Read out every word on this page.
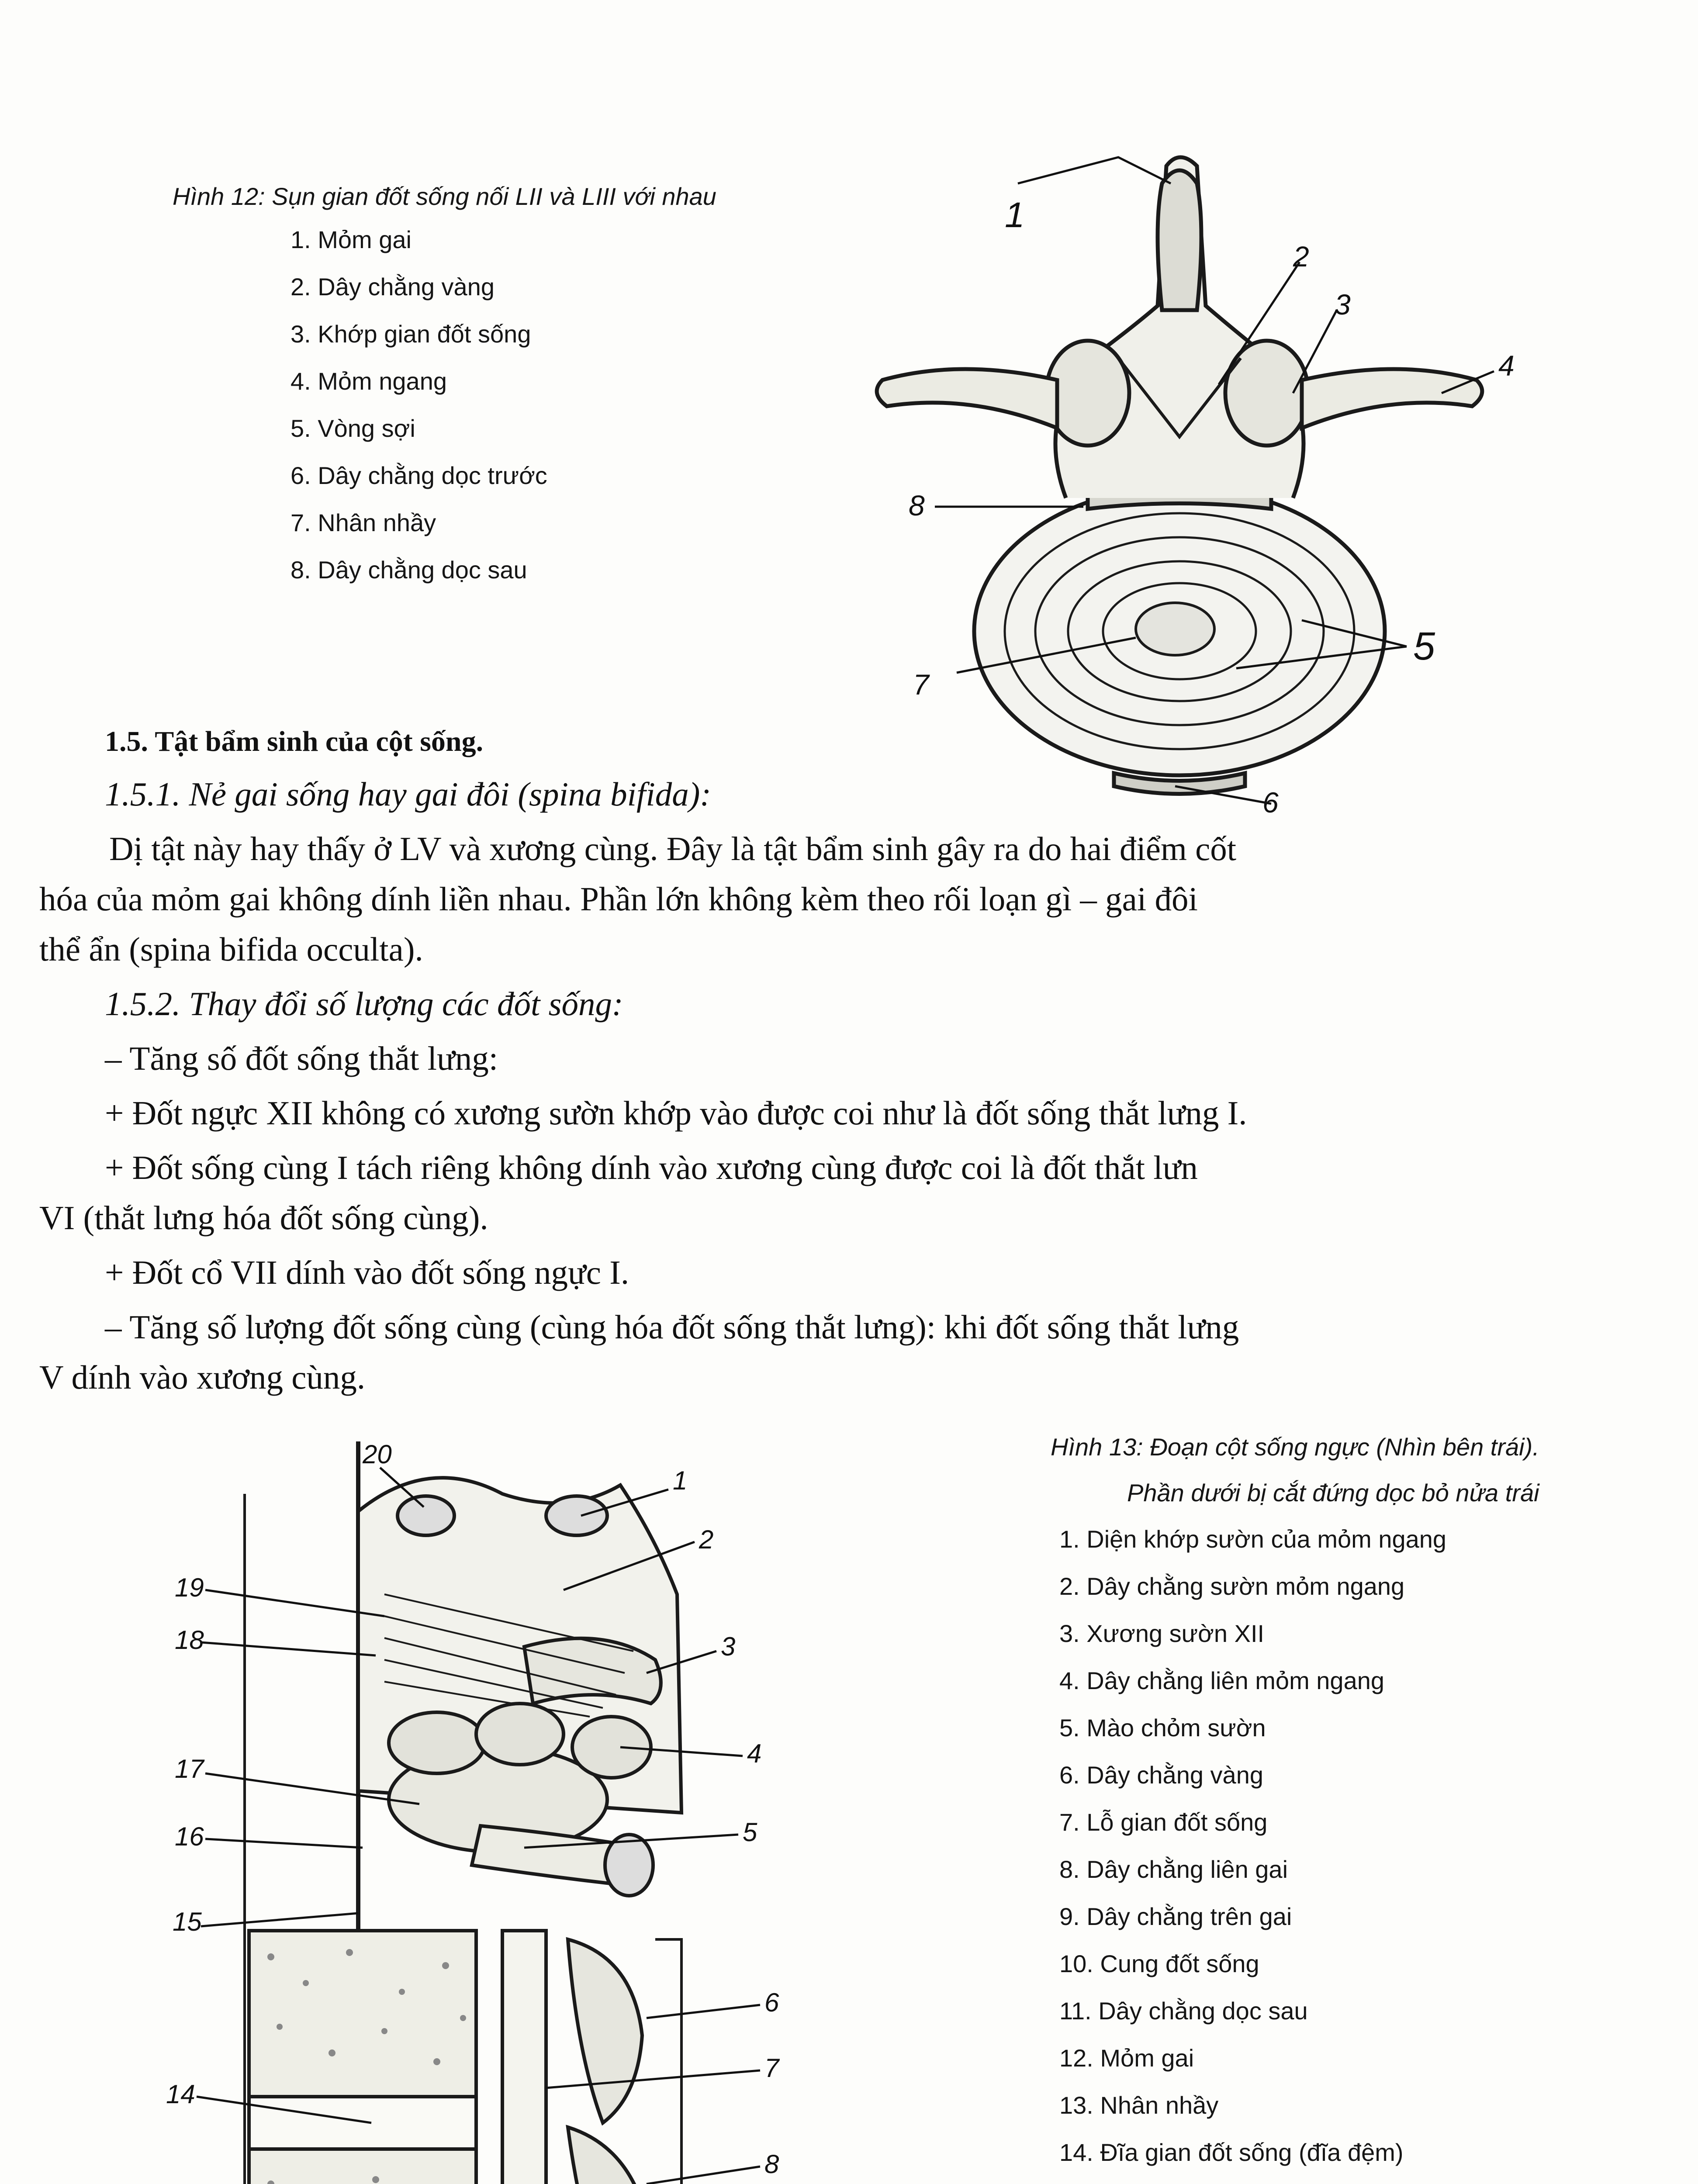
Hình 12:
Sụn gian đốt sống nối LII và LIII với nhau
1. Mỏm gai
2. Dây chằng vàng
3. Khớp gian đốt sống
4. Mỏm ngang
5. Vòng sợi
6. Dây chằng dọc trước
7. Nhân nhầy
8. Dây chằng dọc sau
1
2
3
4
5
6
7
8
1.5. Tật bẩm sinh của cột sống.
1.5.1. Nẻ gai sống hay gai đôi (spina bifida):
Dị tật này hay thấy ở LV và xương cùng. Đây là tật bẩm sinh gây ra do hai điểm cốt
hóa của mỏm gai không dính liền nhau. Phần lớn không kèm theo rối loạn gì – gai đôi
thể ẩn (spina bifida occulta).
1.5.2. Thay đổi số lượng các đốt sống:
– Tăng số đốt sống thắt lưng:
+ Đốt ngực XII không có xương sườn khớp vào được coi như là đốt sống thắt lưng I.
+ Đốt sống cùng I tách riêng không dính vào xương cùng được coi là đốt thắt lưn
VI (thắt lưng hóa đốt sống cùng).
+ Đốt cổ VII dính vào đốt sống ngực I.
– Tăng số lượng đốt sống cùng (cùng hóa đốt sống thắt lưng): khi đốt sống thắt lưng
V dính vào xương cùng.
20
1
2
19
18	3
4
17
5
16
15
6
7
14
8
Hình 13: Đoạn cột sống ngực (Nhìn bên trái).
Phần dưới bị cắt đứng dọc bỏ nửa trái
1. Diện khớp sườn của mỏm ngang
2. Dây chằng sườn mỏm ngang
3. Xương sườn XII
4. Dây chằng liên mỏm ngang
5. Mào chỏm sườn
6. Dây chằng vàng
7. Lỗ gian đốt sống
8. Dây chằng liên gai
9. Dây chằng trên gai
10. Cung đốt sống
11. Dây chằng dọc sau
12. Mỏm gai
13. Nhân nhầy
14. Đĩa gian đốt sống (đĩa đệm)
